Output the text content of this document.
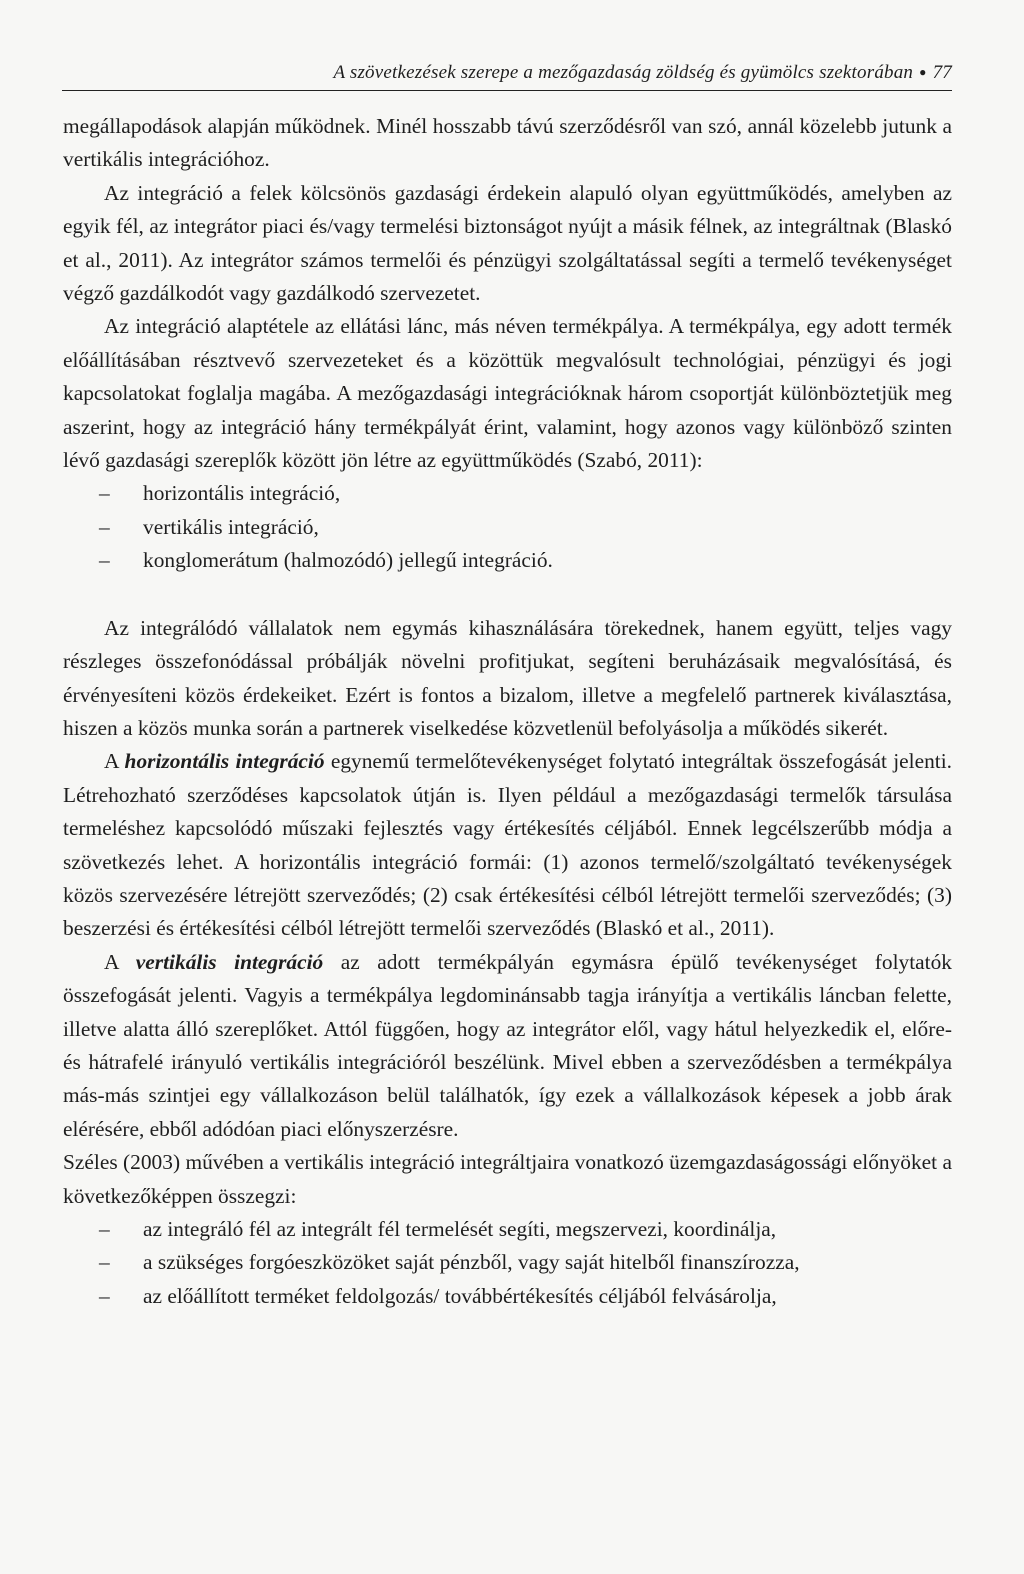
A szövetkezések szerepe a mezőgazdaság zöldség és gyümölcs szektorában ● 77

megállapodások alapján működnek. Minél hosszabb távú szerződésről van szó, annál közelebb jutunk a vertikális integrációhoz.

Az integráció a felek kölcsönös gazdasági érdekein alapuló olyan együttműködés, amelyben az egyik fél, az integrátor piaci és/vagy termelési biztonságot nyújt a másik félnek, az integráltnak (Blaskó et al., 2011). Az integrátor számos termelői és pénzügyi szolgáltatással segíti a termelő tevékenységet végző gazdálkodót vagy gazdálkodó szervezetet.

Az integráció alaptétele az ellátási lánc, más néven termékpálya. A termékpálya, egy adott termék előállításában résztvevő szervezeteket és a közöttük megvalósult technológiai, pénzügyi és jogi kapcsolatokat foglalja magába. A mezőgazdasági integrációknak három csoportját különböztetjük meg aszerint, hogy az integráció hány termékpályát érint, valamint, hogy azonos vagy különböző szinten lévő gazdasági szereplők között jön létre az együttműködés (Szabó, 2011):

– horizontális integráció,
– vertikális integráció,
– konglomerátum (halmozódó) jellegű integráció.

Az integrálódó vállalatok nem egymás kihasználására törekednek, hanem együtt, teljes vagy részleges összefonódással próbálják növelni profitjukat, segíteni beruházásaik megvalósításá, és érvényesíteni közös érdekeiket. Ezért is fontos a bizalom, illetve a megfelelő partnerek kiválasztása, hiszen a közös munka során a partnerek viselkedése közvetlenül befolyásolja a működés sikerét.

A horizontális integráció egynemű termelőtevékenységet folytató integráltak összefogását jelenti. Létrehozható szerződéses kapcsolatok útján is. Ilyen például a mezőgazdasági termelők társulása termeléshez kapcsolódó műszaki fejlesztés vagy értékesítés céljából. Ennek legcélszerűbb módja a szövetkezés lehet. A horizontális integráció formái: (1) azonos termelő/szolgáltató tevékenységek közös szervezésére létrejött szerveződés; (2) csak értékesítési célból létrejött termelői szerveződés; (3) beszerzési és értékesítési célból létrejött termelői szerveződés (Blaskó et al., 2011).

A vertikális integráció az adott termékpályán egymásra épülő tevékenységet folytatók összefogását jelenti. Vagyis a termékpálya legdominánsabb tagja irányítja a vertikális láncban felette, illetve alatta álló szereplőket. Attól függően, hogy az integrátor elől, vagy hátul helyezkedik el, előre- és hátrafelé irányuló vertikális integrációról beszélünk. Mivel ebben a szerveződésben a termékpálya más-más szintjei egy vállalkozáson belül találhatók, így ezek a vállalkozások képesek a jobb árak elérésére, ebből adódóan piaci előnyszerzésre.

Széles (2003) művében a vertikális integráció integráltjaira vonatkozó üzemgazdaságossági előnyöket a következőképpen összegzi:

– az integráló fél az integrált fél termelését segíti, megszervezi, koordinálja,
– a szükséges forgóeszközöket saját pénzből, vagy saját hitelből finanszírozza,
– az előállított terméket feldolgozás/ továbbértékesítés céljából felvásárolja,
